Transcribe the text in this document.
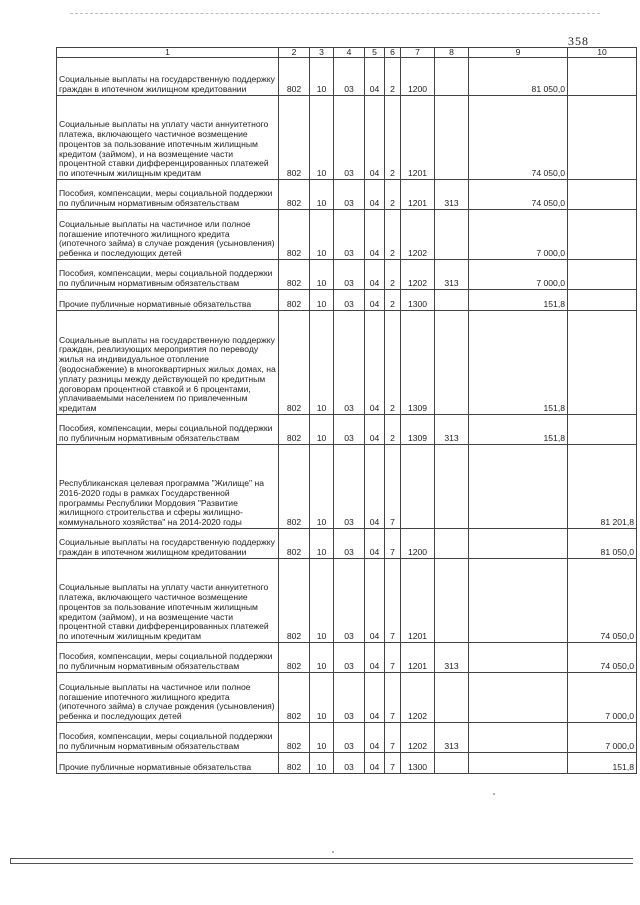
358
1	2	3	4	5	6	7	8	9	10
Социальные выплаты на государственную поддержку граждан в ипотечном жилищном кредитовании	802	10	03	04	2	1200		81 050,0	
Социальные выплаты на уплату части аннуитетного платежа, включающего частичное возмещение процентов за пользование ипотечным жилищным кредитом (займом), и на возмещение части процентной ставки дифференцированных платежей по ипотечным жилищным кредитам	802	10	03	04	2	1201		74 050,0	
Пособия, компенсации, меры социальной поддержки по публичным нормативным обязательствам	802	10	03	04	2	1201	313	74 050,0	
Социальные выплаты на частичное или полное погашение ипотечного жилищного кредита (ипотечного займа) в случае рождения (усыновления) ребенка и последующих детей	802	10	03	04	2	1202		7 000,0	
Пособия, компенсации, меры социальной поддержки по публичным нормативным обязательствам	802	10	03	04	2	1202	313	7 000,0	
Прочие публичные нормативные обязательства	802	10	03	04	2	1300		151,8	
Социальные выплаты на государственную поддержку граждан, реализующих мероприятия по переводу жилья на индивидуальное отопление (водоснабжение) в многоквартирных жилых домах, на уплату разницы между действующей по кредитным договорам процентной ставкой и 6 процентами, уплачиваемыми населением по привлеченным кредитам	802	10	03	04	2	1309		151,8	
Пособия, компенсации, меры социальной поддержки по публичным нормативным обязательствам	802	10	03	04	2	1309	313	151,8	
Республиканская целевая программа "Жилище" на 2016-2020 годы в рамках Государственной программы Республики Мордовия "Развитие жилищного строительства и сферы жилищно-коммунального хозяйства" на 2014-2020 годы	802	10	03	04	7				81 201,8
Социальные выплаты на государственную поддержку граждан в ипотечном жилищном кредитовании	802	10	03	04	7	1200			81 050,0
Социальные выплаты на уплату части аннуитетного платежа, включающего частичное возмещение процентов за пользование ипотечным жилищным кредитом (займом), и на возмещение части процентной ставки дифференцированных платежей по ипотечным жилищным кредитам	802	10	03	04	7	1201			74 050,0
Пособия, компенсации, меры социальной поддержки по публичным нормативным обязательствам	802	10	03	04	7	1201	313		74 050,0
Социальные выплаты на частичное или полное погашение ипотечного жилищного кредита (ипотечного займа) в случае рождения (усыновления) ребенка и последующих детей	802	10	03	04	7	1202			7 000,0
Пособия, компенсации, меры социальной поддержки по публичным нормативным обязательствам	802	10	03	04	7	1202	313		7 000,0
Прочие публичные нормативные обязательства	802	10	03	04	7	1300			151,8
